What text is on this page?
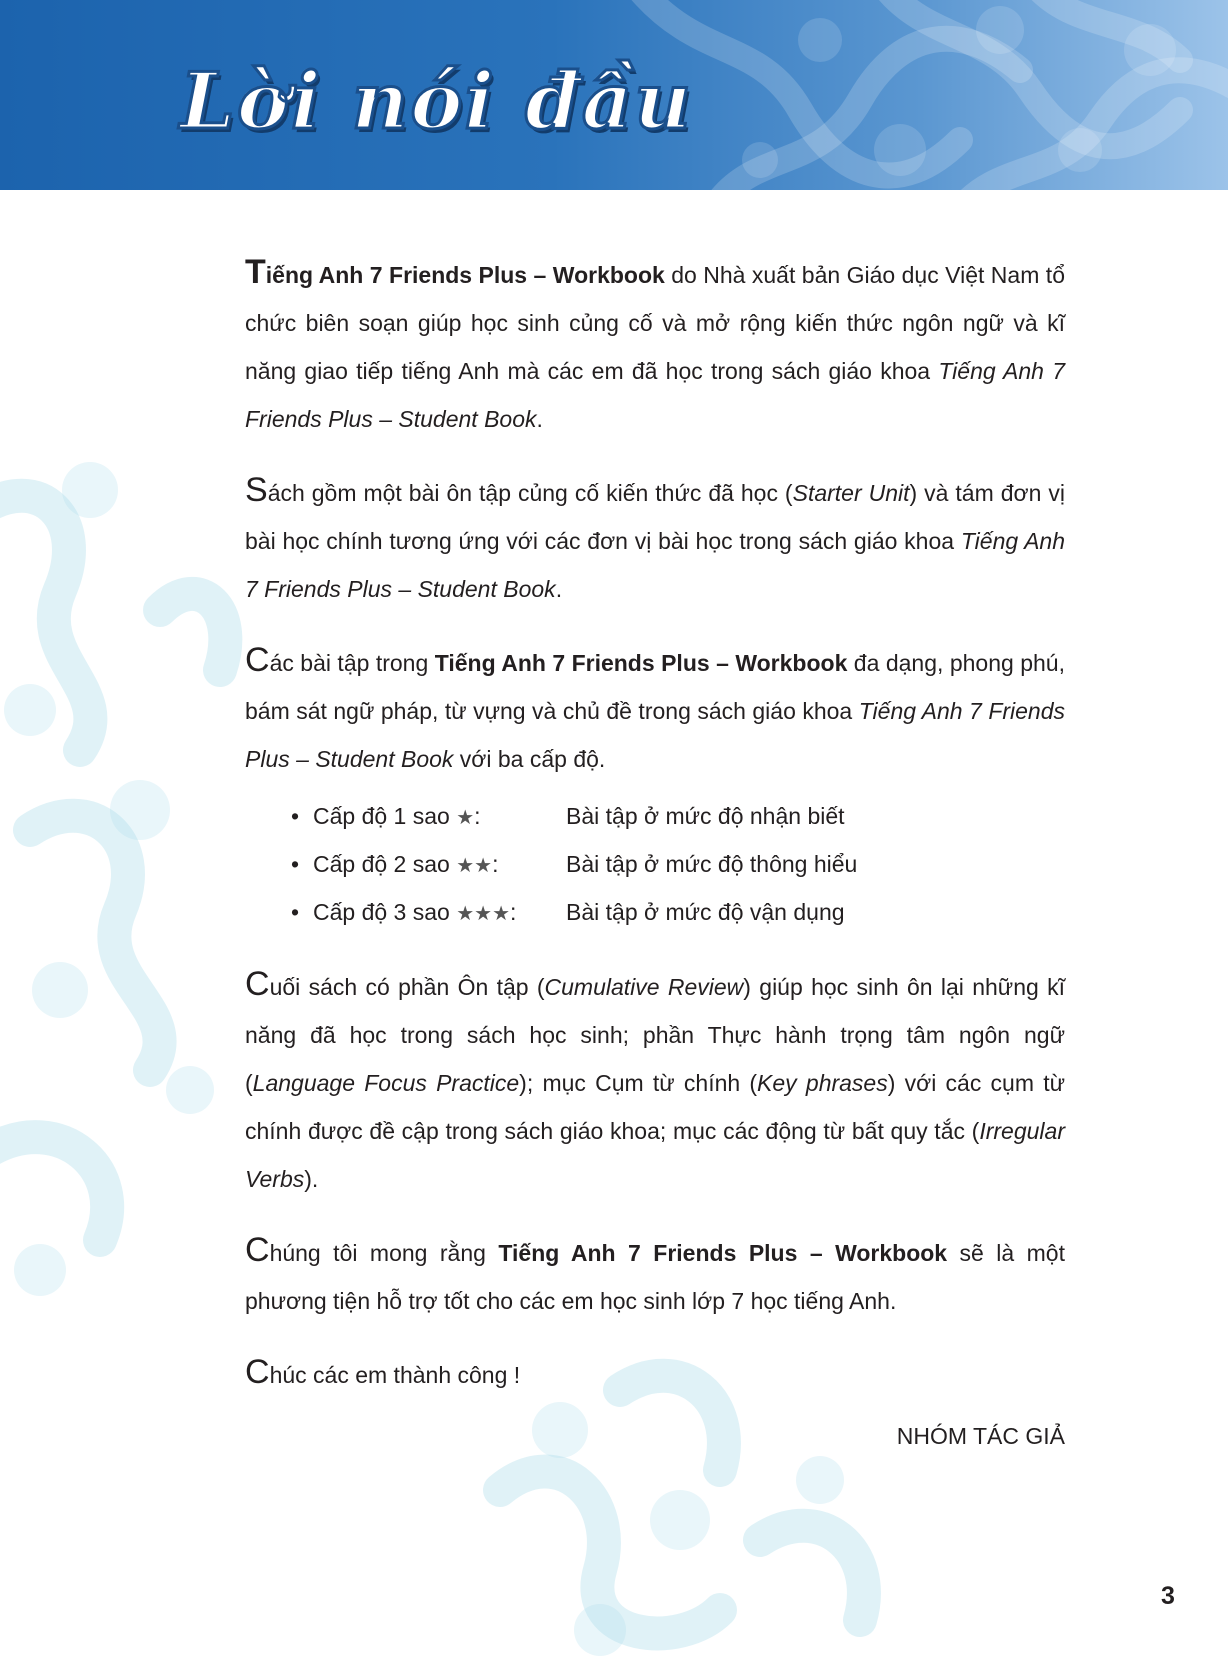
Lời nói đầu

Tiếng Anh 7 Friends Plus – Workbook do Nhà xuất bản Giáo dục Việt Nam tổ chức biên soạn giúp học sinh củng cố và mở rộng kiến thức ngôn ngữ và kĩ năng giao tiếp tiếng Anh mà các em đã học trong sách giáo khoa Tiếng Anh 7 Friends Plus – Student Book.

Sách gồm một bài ôn tập củng cố kiến thức đã học (Starter Unit) và tám đơn vị bài học chính tương ứng với các đơn vị bài học trong sách giáo khoa Tiếng Anh 7 Friends Plus – Student Book.

Các bài tập trong Tiếng Anh 7 Friends Plus – Workbook đa dạng, phong phú, bám sát ngữ pháp, từ vựng và chủ đề trong sách giáo khoa Tiếng Anh 7 Friends Plus – Student Book với ba cấp độ.

• Cấp độ 1 sao ★:	Bài tập ở mức độ nhận biết
• Cấp độ 2 sao ★★:	Bài tập ở mức độ thông hiểu
• Cấp độ 3 sao ★★★:	Bài tập ở mức độ vận dụng

Cuối sách có phần Ôn tập (Cumulative Review) giúp học sinh ôn lại những kĩ năng đã học trong sách học sinh; phần Thực hành trọng tâm ngôn ngữ (Language Focus Practice); mục Cụm từ chính (Key phrases) với các cụm từ chính được đề cập trong sách giáo khoa; mục các động từ bất quy tắc (Irregular Verbs).

Chúng tôi mong rằng Tiếng Anh 7 Friends Plus – Workbook sẽ là một phương tiện hỗ trợ tốt cho các em học sinh lớp 7 học tiếng Anh.

Chúc các em thành công !

NHÓM TÁC GIẢ

3
